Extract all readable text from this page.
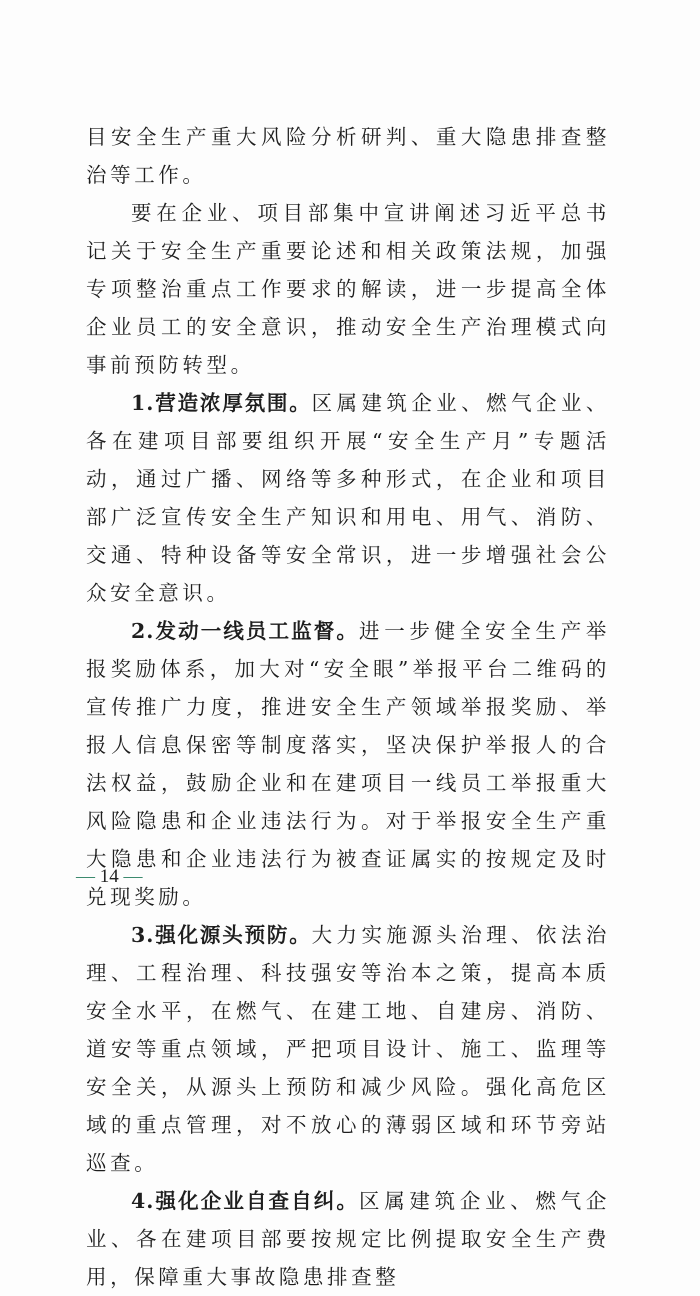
目安全生产重大风险分析研判、重大隐患排查整治等工作。

要在企业、项目部集中宣讲阐述习近平总书记关于安全生产重要论述和相关政策法规，加强专项整治重点工作要求的解读，进一步提高全体企业员工的安全意识，推动安全生产治理模式向事前预防转型。

1.营造浓厚氛围。区属建筑企业、燃气企业、各在建项目部要组织开展“安全生产月”专题活动，通过广播、网络等多种形式，在企业和项目部广泛宣传安全生产知识和用电、用气、消防、交通、特种设备等安全常识，进一步增强社会公众安全意识。

2.发动一线员工监督。进一步健全安全生产举报奖励体系，加大对“安全眼”举报平台二维码的宣传推广力度，推进安全生产领域举报奖励、举报人信息保密等制度落实，坚决保护举报人的合法权益，鼓励企业和在建项目一线员工举报重大风险隐患和企业违法行为。对于举报安全生产重大隐患和企业违法行为被查证属实的按规定及时兑现奖励。

3.强化源头预防。大力实施源头治理、依法治理、工程治理、科技强安等治本之策，提高本质安全水平，在燃气、在建工地、自建房、消防、道安等重点领域，严把项目设计、施工、监理等安全关，从源头上预防和减少风险。强化高危区域的重点管理，对不放心的薄弱区域和环节旁站巡查。

4.强化企业自查自纠。区属建筑企业、燃气企业、各在建项目部要按规定比例提取安全生产费用，保障重大事故隐患排查整

— 14 —
